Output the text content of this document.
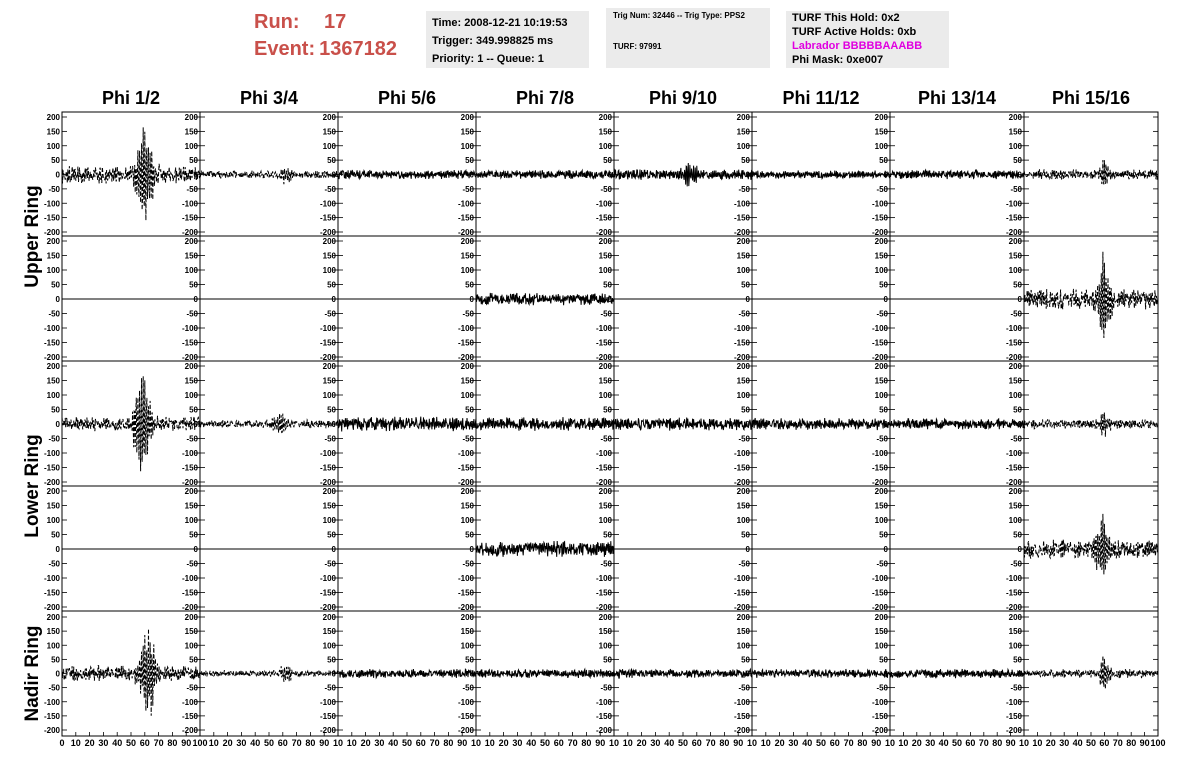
Run:	17
Event: 1367182
Time: 2008-12-21 10:19:53
Trigger: 349.998825 ms
Priority: 1 -- Queue: 1
Trig Num: 32446 -- Trig Type: PPS2
TURF: 97991
TURF This Hold: 0x2
TURF Active Holds: 0xb
Labrador BBBBBAAABB
Phi Mask: 0xe007
Phi 1/2	Phi 3/4	Phi 5/6	Phi 7/8	Phi 9/10	Phi 11/12	Phi 13/14	Phi 15/16
Upper Ring
Lower Ring
Nadir Ring
200
150
100
50
0
-50
-100
-150
-200
200
150
100
50
0
-50
-100
-150
-200
200
150
100
50
0
-50
-100
-150
-200
200
150
100
50
0
-50
-100
-150
-200
200
150
100
50
0
-50
-100
-150
-200
200
150
100
50
0
-50
-100
-150
-200
200
150
100
50
0
-50
-100
-150
-200
200
150
100
50
0
-50
-100
-150
-200
200
150
100
50
0
-50
-100
-150
-200
200
150
100
50
0
-50
-100
-150
-200
200
150
100
50
0
-50
-100
-150
-200
200
150
100
50
0
-50
-100
-150
-200
200
150
100
50
0
-50
-100
-150
-200
200
150
100
50
0
-50
-100
-150
-200
200
150
100
50
0
-50
-100
-150
-200
200
150
100
50
0
-50
-100
-150
-200
200
150
100
50
0
-50
-100
-150
-200
200
150
100
50
0
-50
-100
-150
-200
200
150
100
50
0
-50
-100
-150
-200
200
150
100
50
0
-50
-100
-150
-200
200
150
100
50
0
-50
-100
-150
-200
200
150
100
50
0
-50
-100
-150
-200
200
150
100
50
0
-50
-100
-150
-200
200
150
100
50
0
-50
-100
-150
-200
200
150
100
50
0
-50
-100
-150
-200
200
150
100
50
0
-50
-100
-150
-200
200
150
100
50
0
-50
-100
-150
-200
200
150
100
50
0
-50
-100
-150
-200
200
150
100
50
0
-50
-100
-150
-200
200
150
100
50
0
-50
-100
-150
-200
200
150
100
50
0
-50
-100
-150
-200
200
150
100
50
0
-50
-100
-150
-200
200
150
100
50
0
-50
-100
-150
-200
0 10 20 30 40 50 60 70 80 90 100
200
150
100
50
0
-50
-100
-150
-200
10 20 30 40 50 60 70 80 90 10
200
150
100
50
0
-50
-100
-150
-200
10 20 30 40 50 60 70 80 90 10
200
150
100
50
0
-50
-100
-150
-200
10 20 30 40 50 60 70 80 90 10
200
150
100
50
0
-50
-100
-150
-200
10 20 30 40 50 60 70 80 90 10
200
150
100
50
0
-50
-100
-150
-200
10 20 30 40 50 60 70 80 90 10
200
150
100
50
0
-50
-100
-150
-200
10 20 30 40 50 60 70 80 90 10
200
150
100
50
0
-50
-100
-150
-200
10 20 30 40 50 60 70 80 90 100
